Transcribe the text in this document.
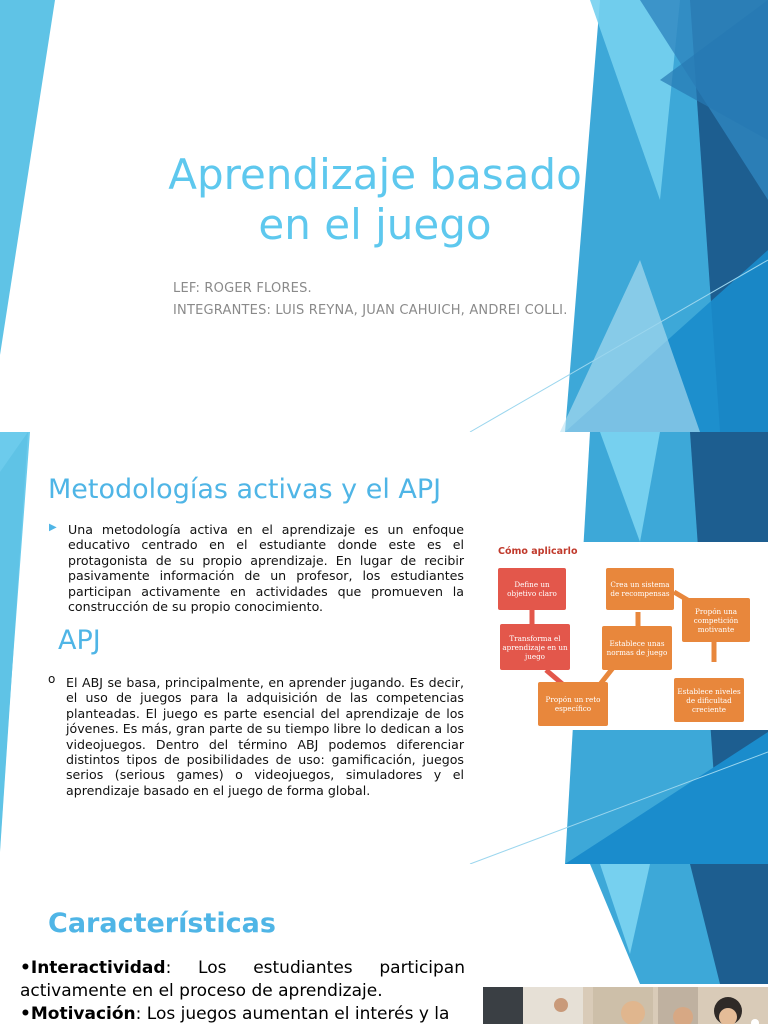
Aprendizaje basado
en el juego
LEF: ROGER FLORES.
INTEGRANTES: LUIS REYNA, JUAN CAHUICH, ANDREI COLLI.
Metodologías activas y el APJ
▶ Una metodología activa en el aprendizaje es un enfoque educativo centrado en el estudiante donde este es el protagonista de su propio aprendizaje. En lugar de recibir pasivamente información de un profesor, los estudiantes participan activamente en actividades que promueven la construcción de su propio conocimiento.
APJ
o El ABJ se basa, principalmente, en aprender jugando. Es decir, el uso de juegos para la adquisición de las competencias planteadas. El juego es parte esencial del aprendizaje de los jóvenes. Es más, gran parte de su tiempo libre lo dedican a los videojuegos. Dentro del término ABJ podemos diferenciar distintos tipos de posibilidades de uso: gamificación, juegos serios (serious games) o videojuegos, simuladores y el aprendizaje basado en el juego de forma global.
Cómo aplicarlo
Define un objetivo claro
Transforma el aprendizaje en un juego
Propón un reto específico
Establece unas normas de juego
Crea un sistema de recompensas
Propón una competición motivante
Establece niveles de dificultad creciente
Características
•Interactividad: Los estudiantes participan activamente en el proceso de aprendizaje.
•Motivación: Los juegos aumentan el interés y la
